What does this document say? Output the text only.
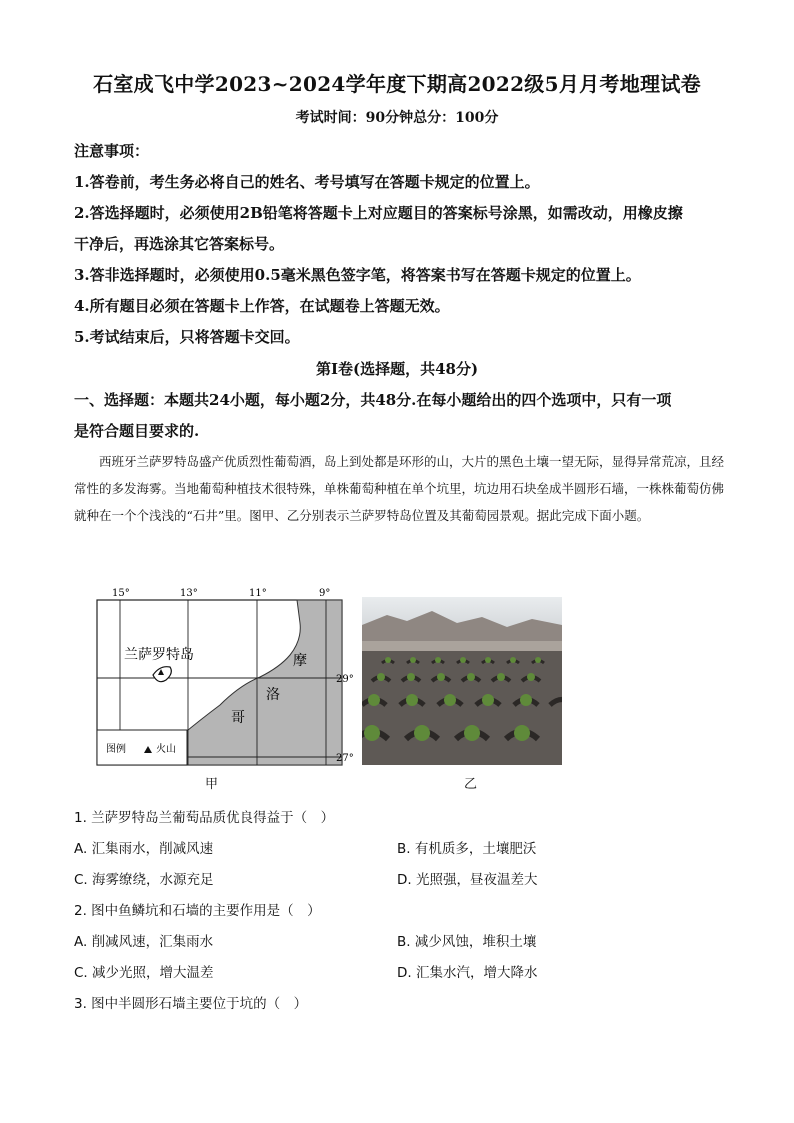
石室成飞中学2023~2024学年度下期高2022级5月月考地理试卷
考试时间：90分钟总分：100分
注意事项：
1.答卷前，考生务必将自己的姓名、考号填写在答题卡规定的位置上。
2.答选择题时，必须使用2B铅笔将答题卡上对应题目的答案标号涂黑，如需改动，用橡皮擦
干净后，再选涂其它答案标号。
3.答非选择题时，必须使用0.5毫米黑色签字笔，将答案书写在答题卡规定的位置上。
4.所有题目必须在答题卡上作答，在试题卷上答题无效。
5.考试结束后，只将答题卡交回。
第I卷(选择题，共48分)
一、选择题：本题共24小题，每小题2分，共48分.在每小题给出的四个选项中，只有一项
是符合题目要求的.
西班牙兰萨罗特岛盛产优质烈性葡萄酒，岛上到处都是环形的山，大片的黑色土壤一望无际，显得异常荒凉，且经常性的多发海雾。当地葡萄种植技术很特殊，单株葡萄种植在单个坑里，坑边用石块垒成半圆形石墙，一株株葡萄仿佛就种在一个个浅浅的“石井”里。图甲、乙分别表示兰萨罗特岛位置及其葡萄园景观。据此完成下面小题。
图例	火山
15°	13°	11°	9°
29°
27°
兰萨罗特岛	摩
洛
哥
甲	乙
1. 兰萨罗特岛兰葡萄品质优良得益于（　）
A. 汇集雨水，削减风速	B. 有机质多，土壤肥沃
C. 海雾缭绕，水源充足	D. 光照强，昼夜温差大
2. 图中鱼鳞坑和石墙的主要作用是（　）
A. 削减风速，汇集雨水	B. 减少风蚀，堆积土壤
C. 减少光照，增大温差	D. 汇集水汽，增大降水
3. 图中半圆形石墙主要位于坑的（　）
